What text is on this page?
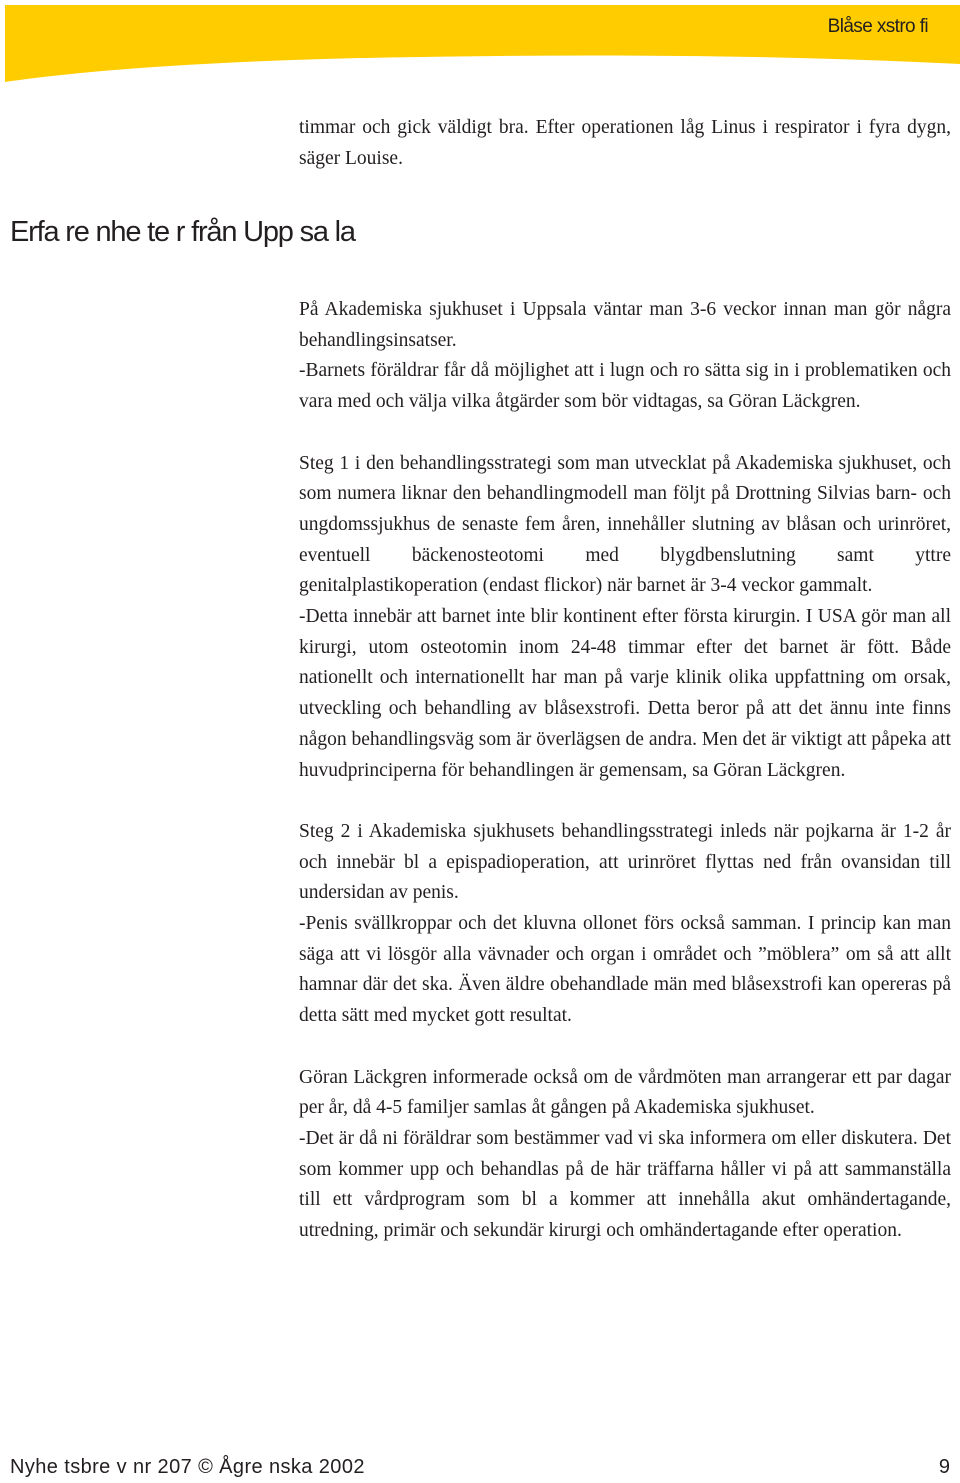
Blåse xstro fi

timmar och gick väldigt bra. Efter operationen låg Linus i respirator i fyra dygn, säger Louise.

Erfa re nhe te r från Upp sa la

På Akademiska sjukhuset i Uppsala väntar man 3-6 veckor innan man gör några behandlingsinsatser.

-Barnets föräldrar får då möjlighet att i lugn och ro sätta sig in i problematiken och vara med och välja vilka åtgärder som bör vidtagas, sa Göran Läckgren.

Steg 1 i den behandlingsstrategi som man utvecklat på Akademiska sjukhuset, och som numera liknar den behandlingmodell man följt på Drottning Silvias barn- och ungdomssjukhus de senaste fem åren, innehåller slutning av blåsan och urinröret, eventuell bäckenosteotomi med blygdbenslutning samt yttre genitalplastikoperation (endast flickor) när barnet är 3-4 veckor gammalt.

-Detta innebär att barnet inte blir kontinent efter första kirurgin. I USA gör man all kirurgi, utom osteotomin inom 24-48 timmar efter det barnet är fött. Både nationellt och internationellt har man på varje klinik olika uppfattning om orsak, utveckling och behandling av blåsexstrofi. Detta beror på att det ännu inte finns någon behandlingsväg som är överlägsen de andra. Men det är viktigt att påpeka att huvudprinciperna för behandlingen är gemensam, sa Göran Läckgren.

Steg 2 i Akademiska sjukhusets behandlingsstrategi inleds när pojkarna är 1-2 år och innebär bl a epispadioperation, att urinröret flyttas ned från ovansidan till undersidan av penis.

-Penis svällkroppar och det kluvna ollonet förs också samman. I princip kan man säga att vi lösgör alla vävnader och organ i området och ”möblera” om så att allt hamnar där det ska. Även äldre obehandlade män med blåsexstrofi kan opereras på detta sätt med mycket gott resultat.

Göran Läckgren informerade också om de vårdmöten man arrangerar ett par dagar per år, då 4-5 familjer samlas åt gången på Akademiska sjukhuset.

-Det är då ni föräldrar som bestämmer vad vi ska informera om eller diskutera. Det som kommer upp och behandlas på de här träffarna håller vi på att sammanställa till ett vårdprogram som bl a kommer att innehålla akut omhändertagande, utredning, primär och sekundär kirurgi och omhändertagande efter operation.

Nyhe tsbre v nr 207 © Ågre nska 2002	9
